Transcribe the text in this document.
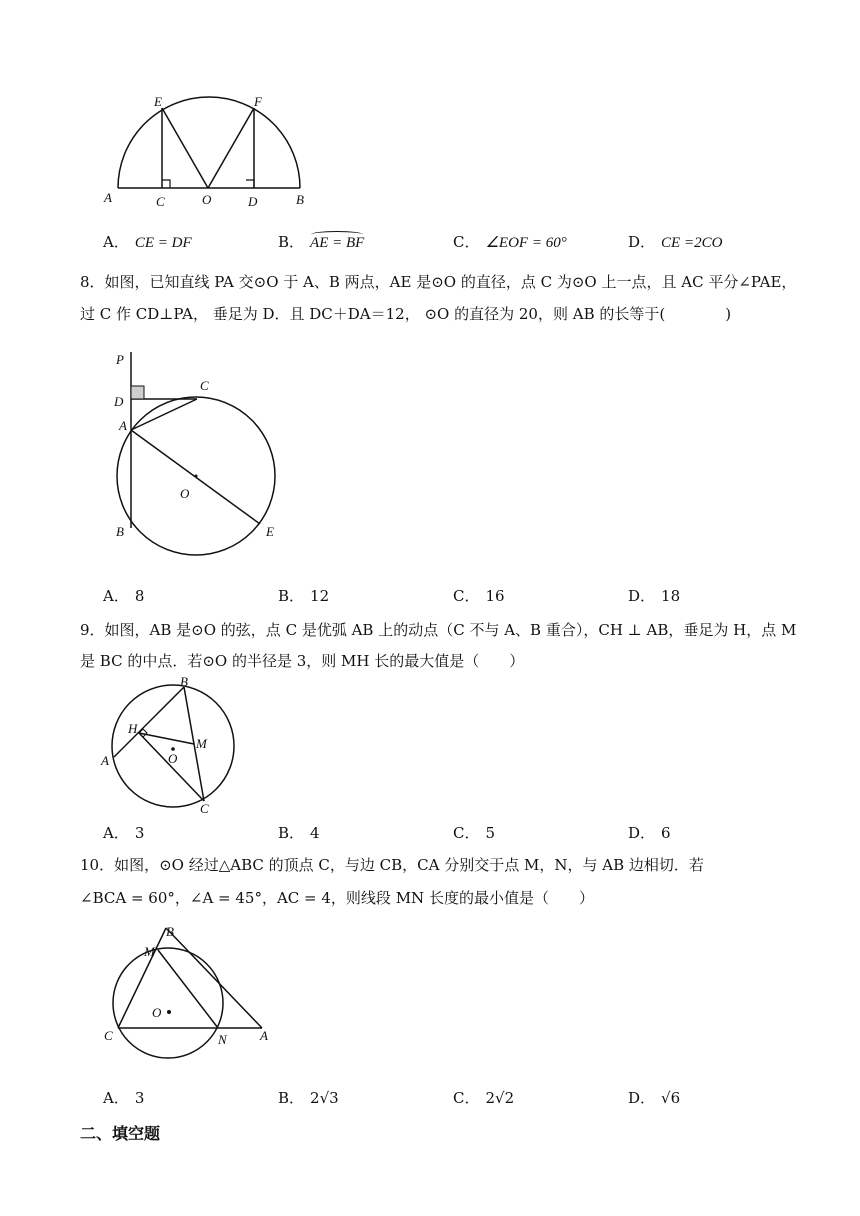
E	F
A	C	O	D	B
A． CE = DF	B． AE = BF	C． ∠EOF = 60°	D． CE =2CO
8．如图，已知直线 PA 交⊙O 于 A、B 两点，AE 是⊙O 的直径，点 C 为⊙O 上一点，且 AC 平分∠PAE，
过 C 作 CD⊥PA， 垂足为 D．且 DC＋DA＝12， ⊙O 的直径为 20，则 AB 的长等于(　　　　)
P
D
C
A
O
B	E
A． 8	B． 12	C． 16	D． 18
9．如图，AB 是⊙O 的弦，点 C 是优弧 AB 上的动点（C 不与 A、B 重合），CH ⊥ AB，垂足为 H，点 M
是 BC 的中点．若⊙O 的半径是 3，则 MH 长的最大值是（　　）
B
H
M
O
A
C
A． 3	B． 4	C． 5	D． 6
10．如图，⊙O 经过△ABC 的顶点 C，与边 CB，CA 分别交于点 M，N，与 AB 边相切．若
∠BCA = 60°，∠A = 45°，AC = 4，则线段 MN 长度的最小值是（　　）
B
M
O
C	N	A
A． 3	B． 2√3	C． 2√2	D． √6
二、填空题
